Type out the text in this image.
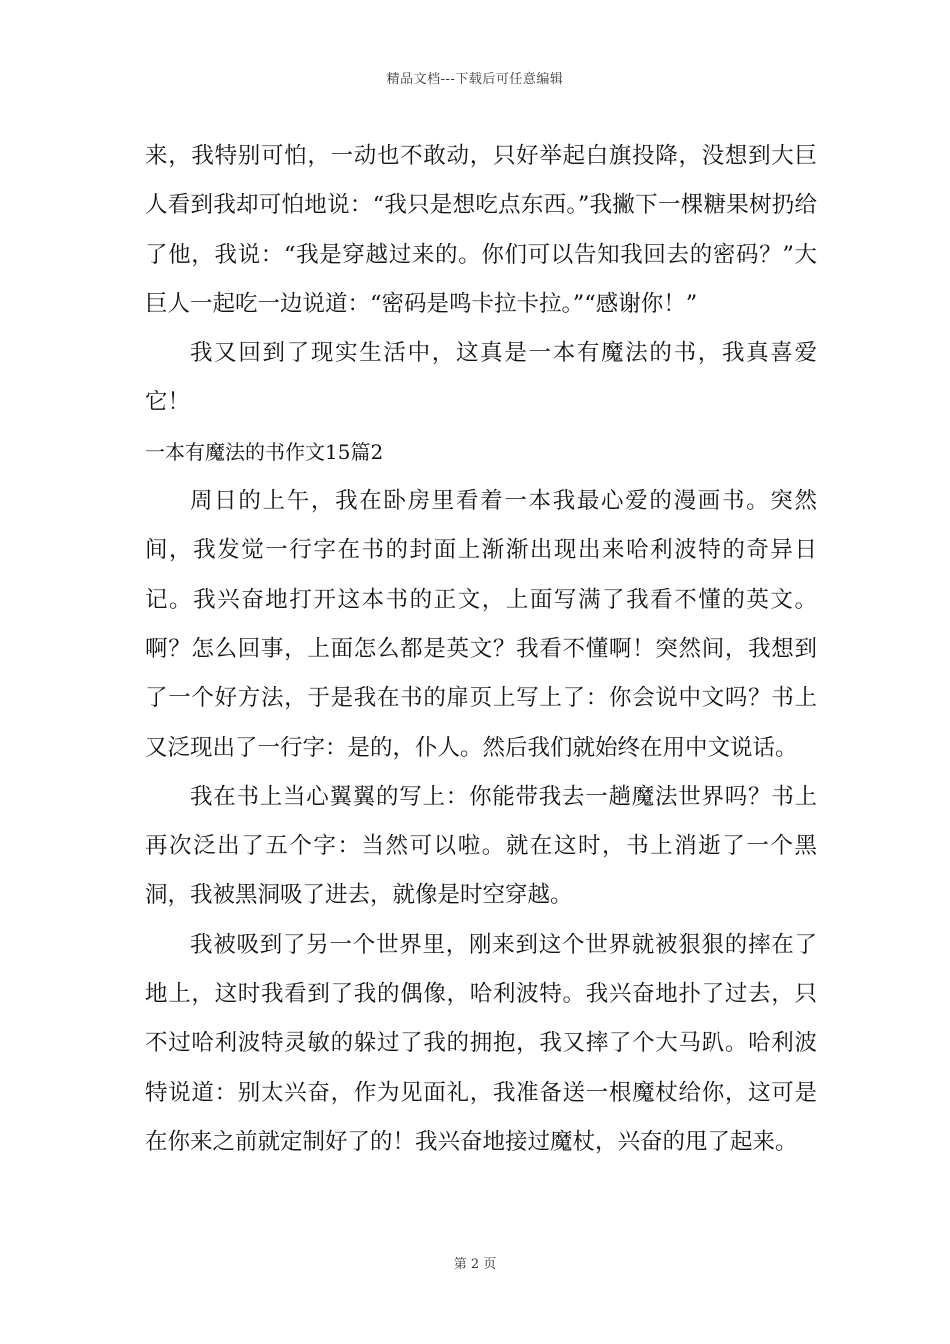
精品文档---下载后可任意编辑

来，我特别可怕，一动也不敢动，只好举起白旗投降，没想到大巨人看到我却可怕地说：“我只是想吃点东西。”我撇下一棵糖果树扔给了他，我说：“我是穿越过来的。你们可以告知我回去的密码？”大巨人一起吃一边说道：“密码是鸣卡拉卡拉。”“感谢你！”

我又回到了现实生活中，这真是一本有魔法的书，我真喜爱它！

一本有魔法的书作文15篇2

周日的上午，我在卧房里看着一本我最心爱的漫画书。突然间，我发觉一行字在书的封面上渐渐出现出来哈利波特的奇异日记。我兴奋地打开这本书的正文，上面写满了我看不懂的英文。啊？怎么回事，上面怎么都是英文？我看不懂啊！突然间，我想到了一个好方法，于是我在书的扉页上写上了：你会说中文吗？书上又泛现出了一行字：是的，仆人。然后我们就始终在用中文说话。

我在书上当心翼翼的写上：你能带我去一趟魔法世界吗？书上再次泛出了五个字：当然可以啦。就在这时，书上消逝了一个黑洞，我被黑洞吸了进去，就像是时空穿越。

我被吸到了另一个世界里，刚来到这个世界就被狠狠的摔在了地上，这时我看到了我的偶像，哈利波特。我兴奋地扑了过去，只不过哈利波特灵敏的躲过了我的拥抱，我又摔了个大马趴。哈利波特说道：别太兴奋，作为见面礼，我准备送一根魔杖给你，这可是在你来之前就定制好了的！我兴奋地接过魔杖，兴奋的甩了起来。

第 2 页
